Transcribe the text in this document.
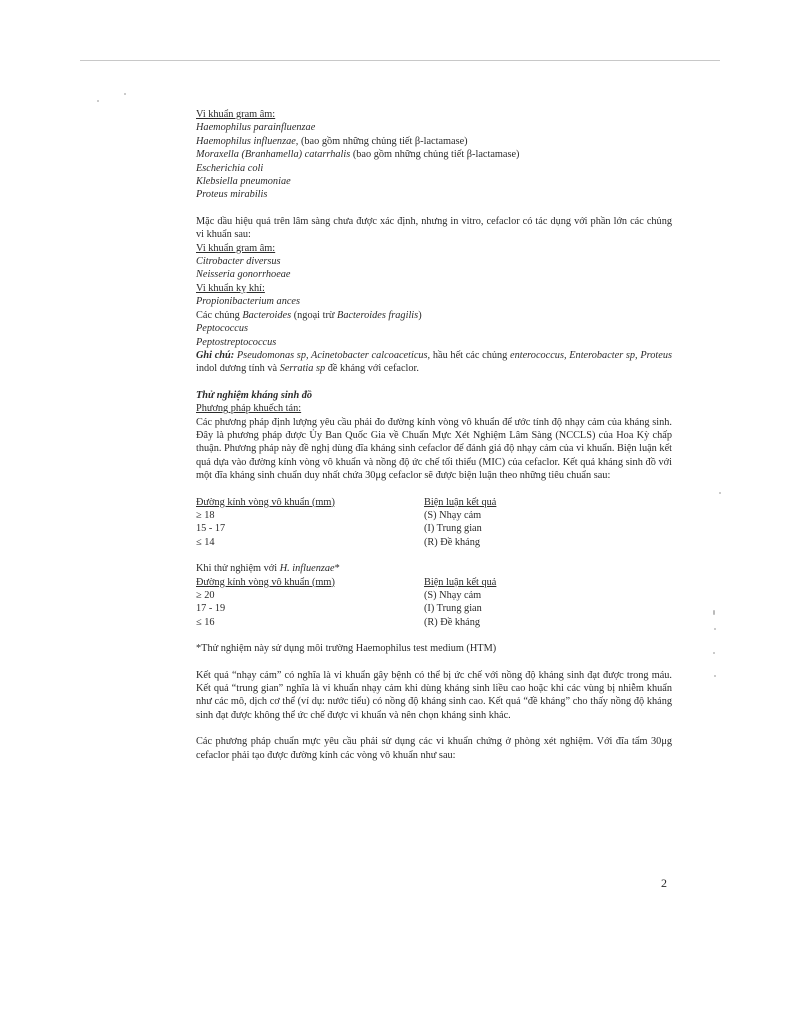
Vi khuẩn gram âm:

Haemophilus parainfluenzae

Haemophilus influenzae, (bao gồm những chủng tiết β-lactamase)

Moraxella (Branhamella) catarrhalis (bao gồm những chủng tiết β-lactamase)

Escherichia coli

Klebsiella pneumoniae

Proteus mirabilis

Mặc dầu hiệu quả trên lâm sàng chưa được xác định, nhưng in vitro, cefaclor có tác dụng với phần lớn các chủng vi khuẩn sau:

Vi khuẩn gram âm:

Citrobacter diversus

Neisseria gonorrhoeae

Vi khuẩn kỵ khí:

Propionibacterium ances

Các chủng Bacteroides (ngoại trừ Bacteroides fragilis)

Peptococcus

Peptostreptococcus

Ghi chú: Pseudomonas sp, Acinetobacter calcoaceticus, hầu hết các chủng enterococcus, Enterobacter sp, Proteus indol dương tính và Serratia sp đề kháng với cefaclor.

Thử nghiệm kháng sinh đồ

Phương pháp khuếch tán:

Các phương pháp định lượng yêu cầu phải đo đường kính vòng vô khuẩn để ước tính độ nhạy cảm của kháng sinh. Đây là phương pháp được Ủy Ban Quốc Gia về Chuẩn Mực Xét Nghiệm Lâm Sàng (NCCLS) của Hoa Kỳ chấp thuận. Phương pháp này đề nghị dùng đĩa kháng sinh cefaclor để đánh giá độ nhạy cảm của vi khuẩn. Biện luận kết quả dựa vào đường kính vòng vô khuẩn và nồng độ ức chế tối thiểu (MIC) của cefaclor. Kết quả kháng sinh đồ với một đĩa kháng sinh chuẩn duy nhất chứa 30μg cefaclor sẽ được biện luận theo những tiêu chuẩn sau:

Đường kính vòng vô khuẩn (mm)	Biện luận kết quả
≥ 18	(S) Nhạy cảm
15 - 17	(I) Trung gian
≤ 14	(R) Đề kháng

Khi thử nghiệm với H. influenzae*

Đường kính vòng vô khuẩn (mm)	Biện luận kết quả
≥ 20	(S) Nhạy cảm
17 - 19	(I) Trung gian
≤ 16	(R) Đề kháng

*Thử nghiệm này sử dụng môi trường Haemophilus test medium (HTM)

Kết quả “nhạy cảm” có nghĩa là vi khuẩn gây bệnh có thể bị ức chế với nồng độ kháng sinh đạt được trong máu. Kết quả “trung gian” nghĩa là vi khuẩn nhạy cảm khi dùng kháng sinh liều cao hoặc khi các vùng bị nhiễm khuẩn như các mô, dịch cơ thể (ví dụ: nước tiểu) có nồng độ kháng sinh cao. Kết quả “đề kháng” cho thấy nồng độ kháng sinh đạt được không thể ức chế được vi khuẩn và nên chọn kháng sinh khác.

Các phương pháp chuẩn mực yêu cầu phải sử dụng các vi khuẩn chứng ở phòng xét nghiệm. Với đĩa tẩm 30μg cefaclor phải tạo được đường kính các vòng vô khuẩn như sau:

2
